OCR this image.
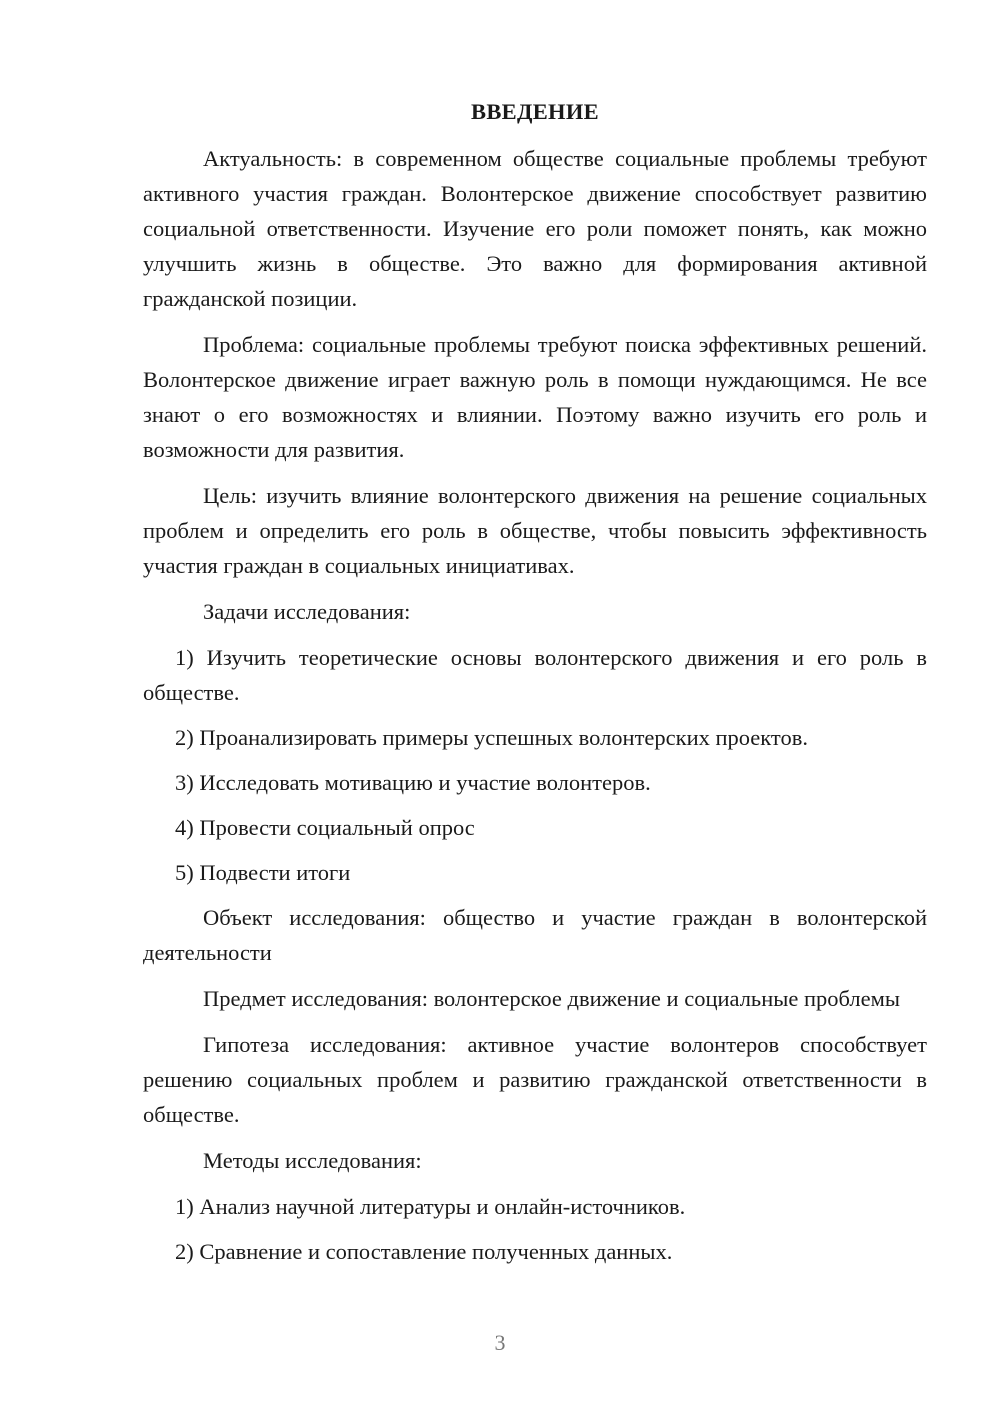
ВВЕДЕНИЕ

Актуальность: в современном обществе социальные проблемы требуют активного участия граждан. Волонтерское движение способствует развитию социальной ответственности. Изучение его роли поможет понять, как можно улучшить жизнь в обществе. Это важно для формирования активной гражданской позиции.

Проблема: социальные проблемы требуют поиска эффективных решений. Волонтерское движение играет важную роль в помощи нуждающимся. Не все знают о его возможностях и влиянии. Поэтому важно изучить его роль и возможности для развития.

Цель: изучить влияние волонтерского движения на решение социальных проблем и определить его роль в обществе, чтобы повысить эффективность участия граждан в социальных инициативах.

Задачи исследования:

1) Изучить теоретические основы волонтерского движения и его роль в обществе.

2) Проанализировать примеры успешных волонтерских проектов.

3) Исследовать мотивацию и участие волонтеров.

4) Провести социальный опрос

5) Подвести итоги

Объект исследования: общество и участие граждан в волонтерской деятельности

Предмет исследования: волонтерское движение и социальные проблемы

Гипотеза исследования: активное участие волонтеров способствует решению социальных проблем и развитию гражданской ответственности в обществе.

Методы исследования:

1) Анализ научной литературы и онлайн-источников.

2) Сравнение и сопоставление полученных данных.

3
